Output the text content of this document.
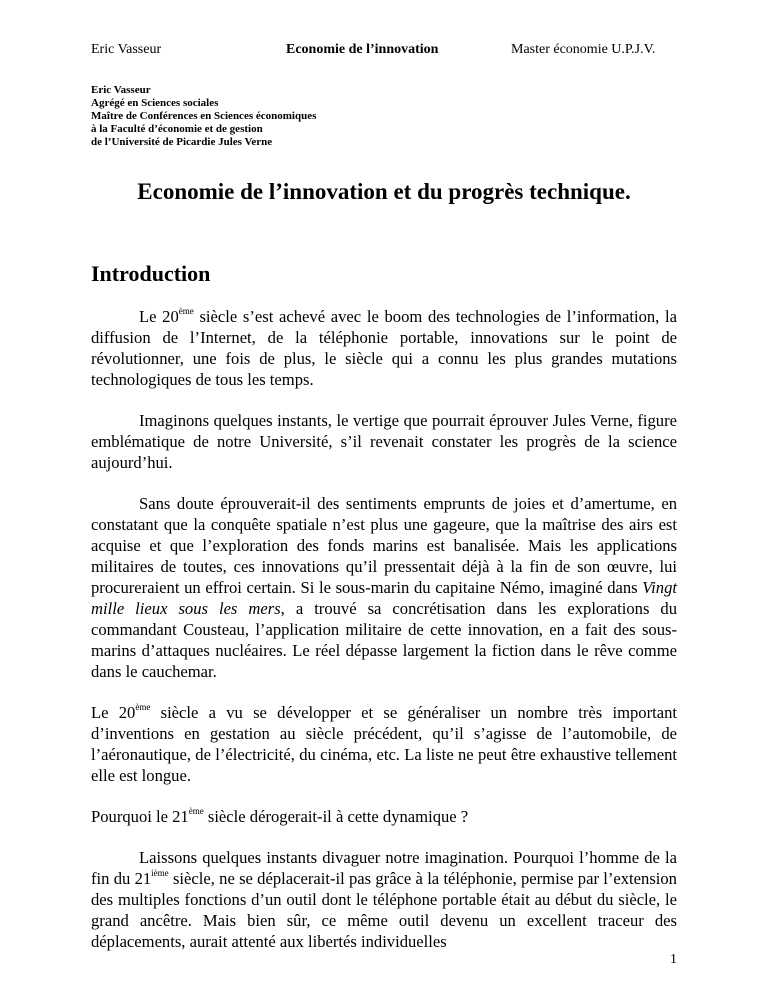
Eric Vasseur	Economie de l’innovation	Master économie U.P.J.V.
Eric Vasseur
Agrégé en Sciences sociales
Maître de Conférences en Sciences économiques
à la Faculté d’économie et de gestion
de l’Université de Picardie Jules Verne
Economie de l’innovation et du progrès technique.
Introduction

Le 20ème siècle s’est achevé avec le boom des technologies de l’information, la diffusion de l’Internet, de la téléphonie portable, innovations sur le point de révolutionner, une fois de plus, le siècle qui a connu les plus grandes mutations technologiques de tous les temps.

Imaginons quelques instants, le vertige que pourrait éprouver Jules Verne, figure emblématique de notre Université, s’il revenait constater les progrès de la science aujourd’hui.

Sans doute éprouverait-il des sentiments emprunts de joies et d’amertume, en constatant que la conquête spatiale n’est plus une gageure, que la maîtrise des airs est acquise et que l’exploration des fonds marins est banalisée. Mais les applications militaires de toutes, ces innovations qu’il pressentait déjà à la fin de son œuvre, lui procureraient un effroi certain. Si le sous-marin du capitaine Némo, imaginé dans Vingt mille lieux sous les mers, a trouvé sa concrétisation dans les explorations du commandant Cousteau, l’application militaire de cette innovation, en a fait des sous-marins d’attaques nucléaires. Le réel dépasse largement la fiction dans le rêve comme dans le cauchemar.

Le 20ème siècle a vu se développer et se généraliser un nombre très important d’inventions en gestation au siècle précédent, qu’il s’agisse de l’automobile, de l’aéronautique, de l’électricité, du cinéma, etc. La liste ne peut être exhaustive tellement elle est longue.

Pourquoi le 21ème siècle dérogerait-il à cette dynamique ?

Laissons quelques instants divaguer notre imagination. Pourquoi l’homme de la fin du 21ième siècle, ne se déplacerait-il pas grâce à la téléphonie, permise par l’extension des multiples fonctions d’un outil dont le téléphone portable était au début du siècle, le grand ancêtre. Mais bien sûr, ce même outil devenu un excellent traceur des déplacements, aurait attenté aux libertés individuelles

1
